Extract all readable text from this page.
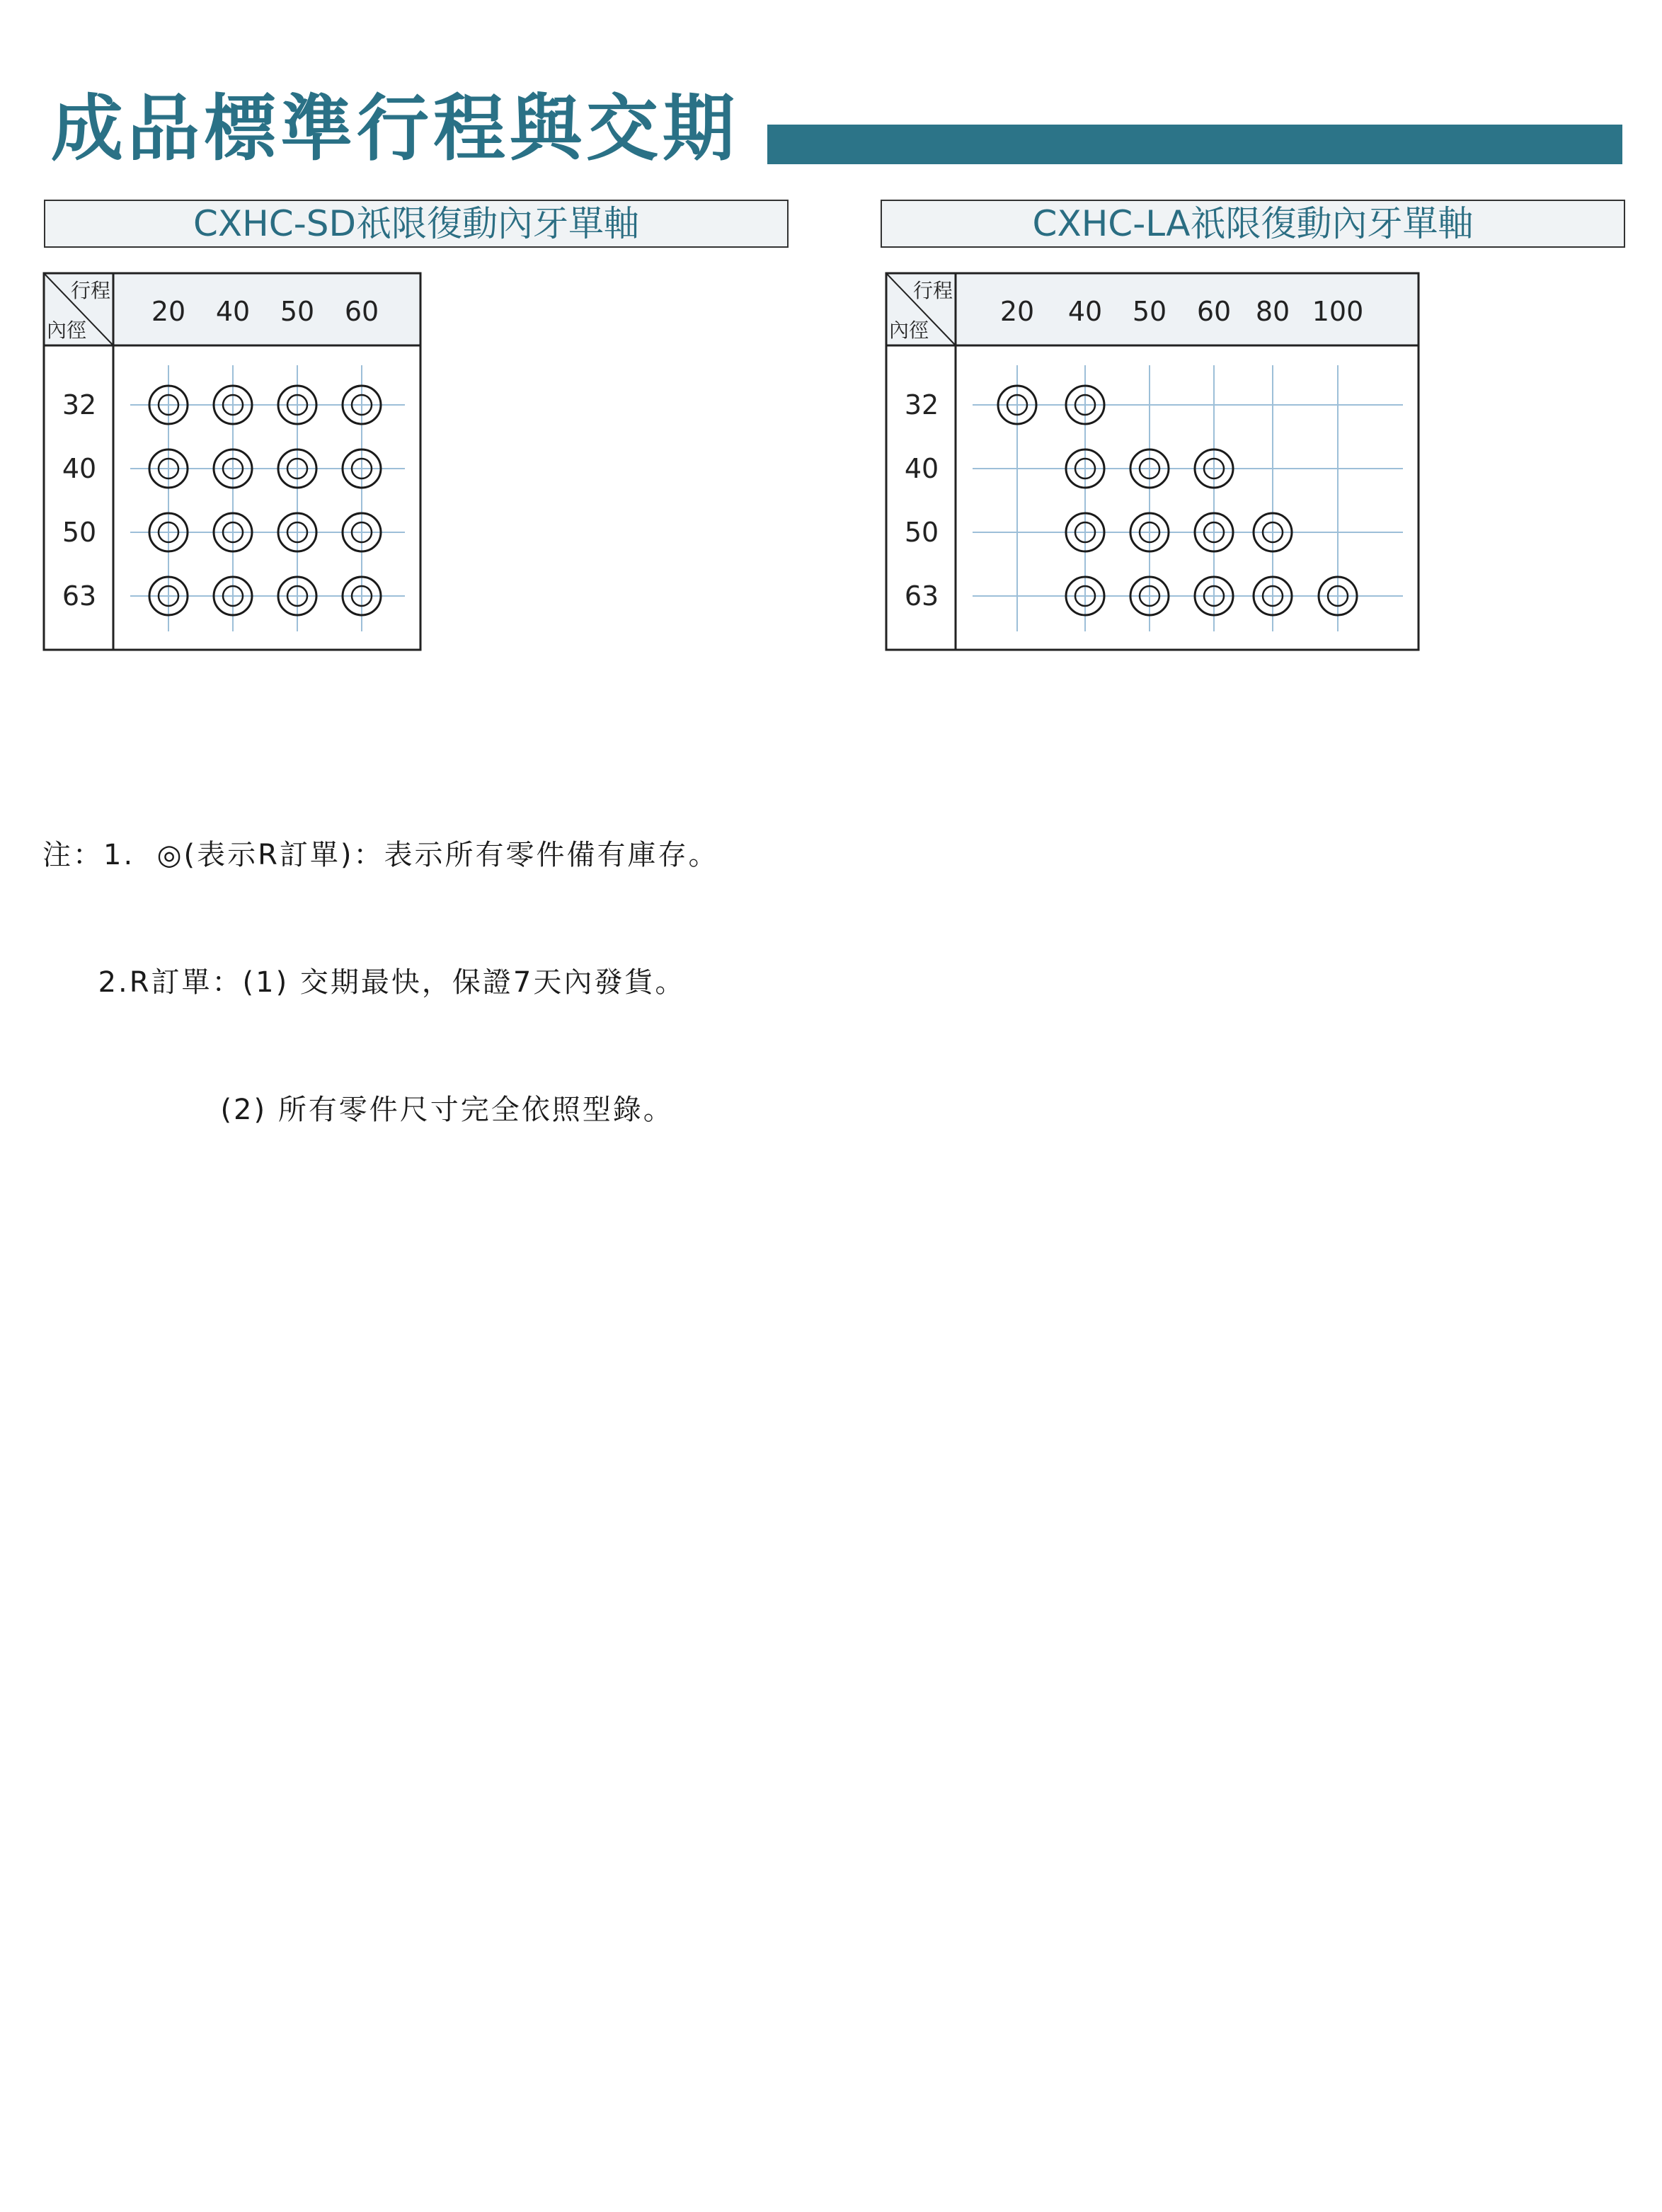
成品標準行程與交期
CXHC-SD祇限復動內牙單軸	CXHC-LA祇限復動內牙單軸
行程
內徑
20 40 50 60
32
40
50
63
行程
內徑
20 40 50 60 80 100
32
40
50
63

注：1.  ◎(表示R訂單)：表示所有零件備有庫存。

2.R訂單：(1) 交期最快，保證7天內發貨。

(2) 所有零件尺寸完全依照型錄。
